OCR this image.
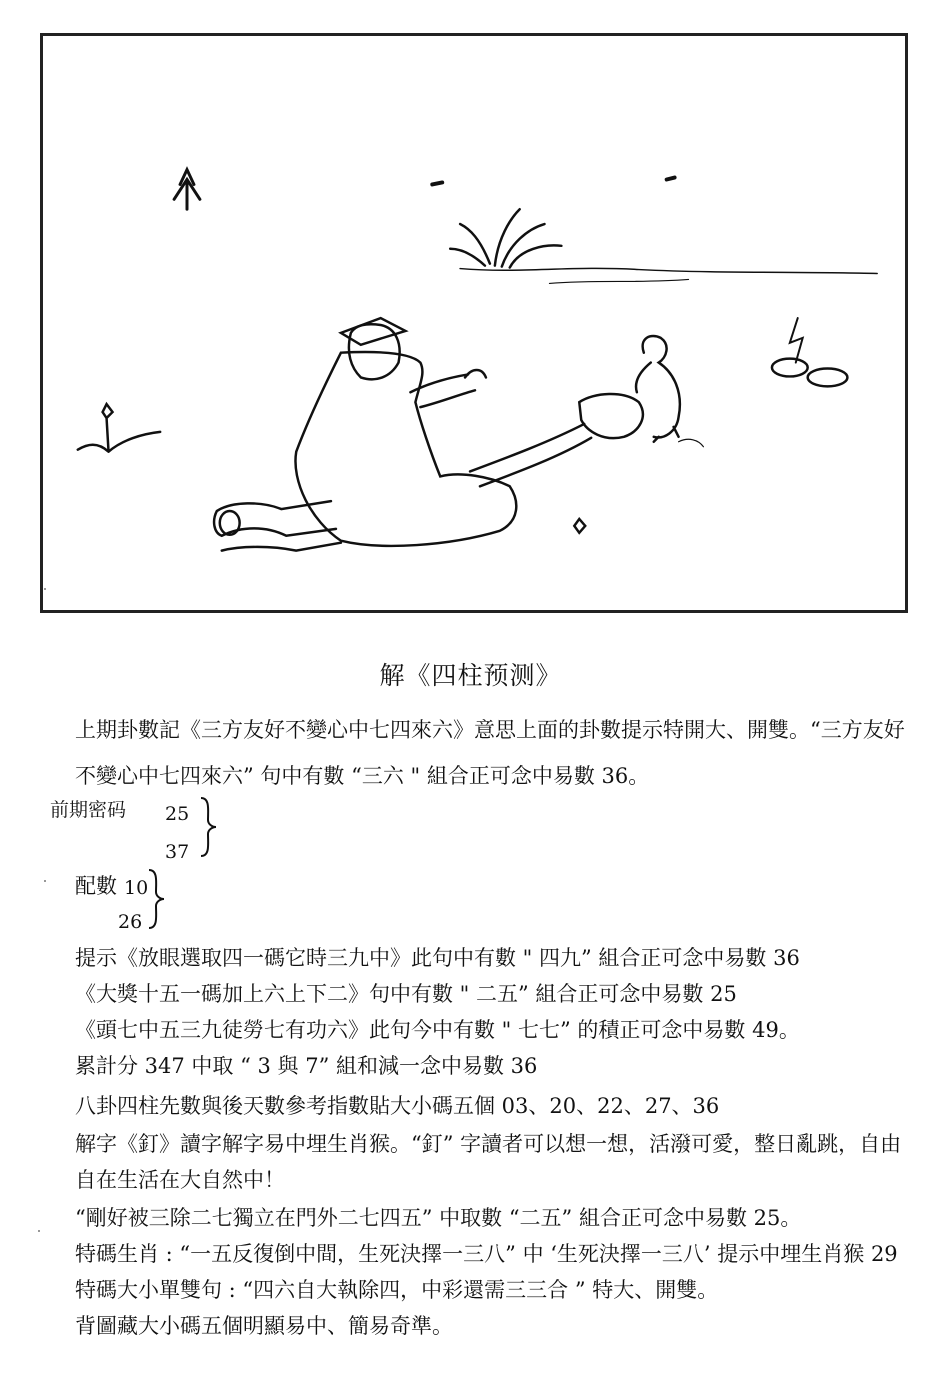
解《四柱预测》
上期卦數記《三方友好不變心中七四來六》意思上面的卦數提示特開大、開雙。“三方友好
不變心中七四來六” 句中有數 “三六 " 組合正可念中易數 36。
前期密码 25
37
配數 10
26
提示《放眼選取四一碼它時三九中》此句中有數 " 四九” 組合正可念中易數 36
《大獎十五一碼加上六上下二》句中有數 " 二五” 組合正可念中易數 25
《頭七中五三九徒勞七有功六》此句今中有數 " 七七” 的積正可念中易數 49。
累計分 347 中取 “ 3 與 7” 組和減一念中易數 36
八卦四柱先數與後天數參考指數貼大小碼五個 03、20、22、27、36
解字《釘》讀字解字易中埋生肖猴。“釘” 字讀者可以想一想，活潑可愛，整日亂跳，自由
自在生活在大自然中！
“剛好被三除二七獨立在門外二七四五” 中取數 “二五” 組合正可念中易數 25。
特碼生肖 : “一五反復倒中間，生死決擇一三八” 中 ‘生死決擇一三八’ 提示中埋生肖猴 29
特碼大小單雙句 : “四六自大執除四，中彩還需三三合 ” 特大、開雙。
背圖藏大小碼五個明顯易中、簡易奇準。
